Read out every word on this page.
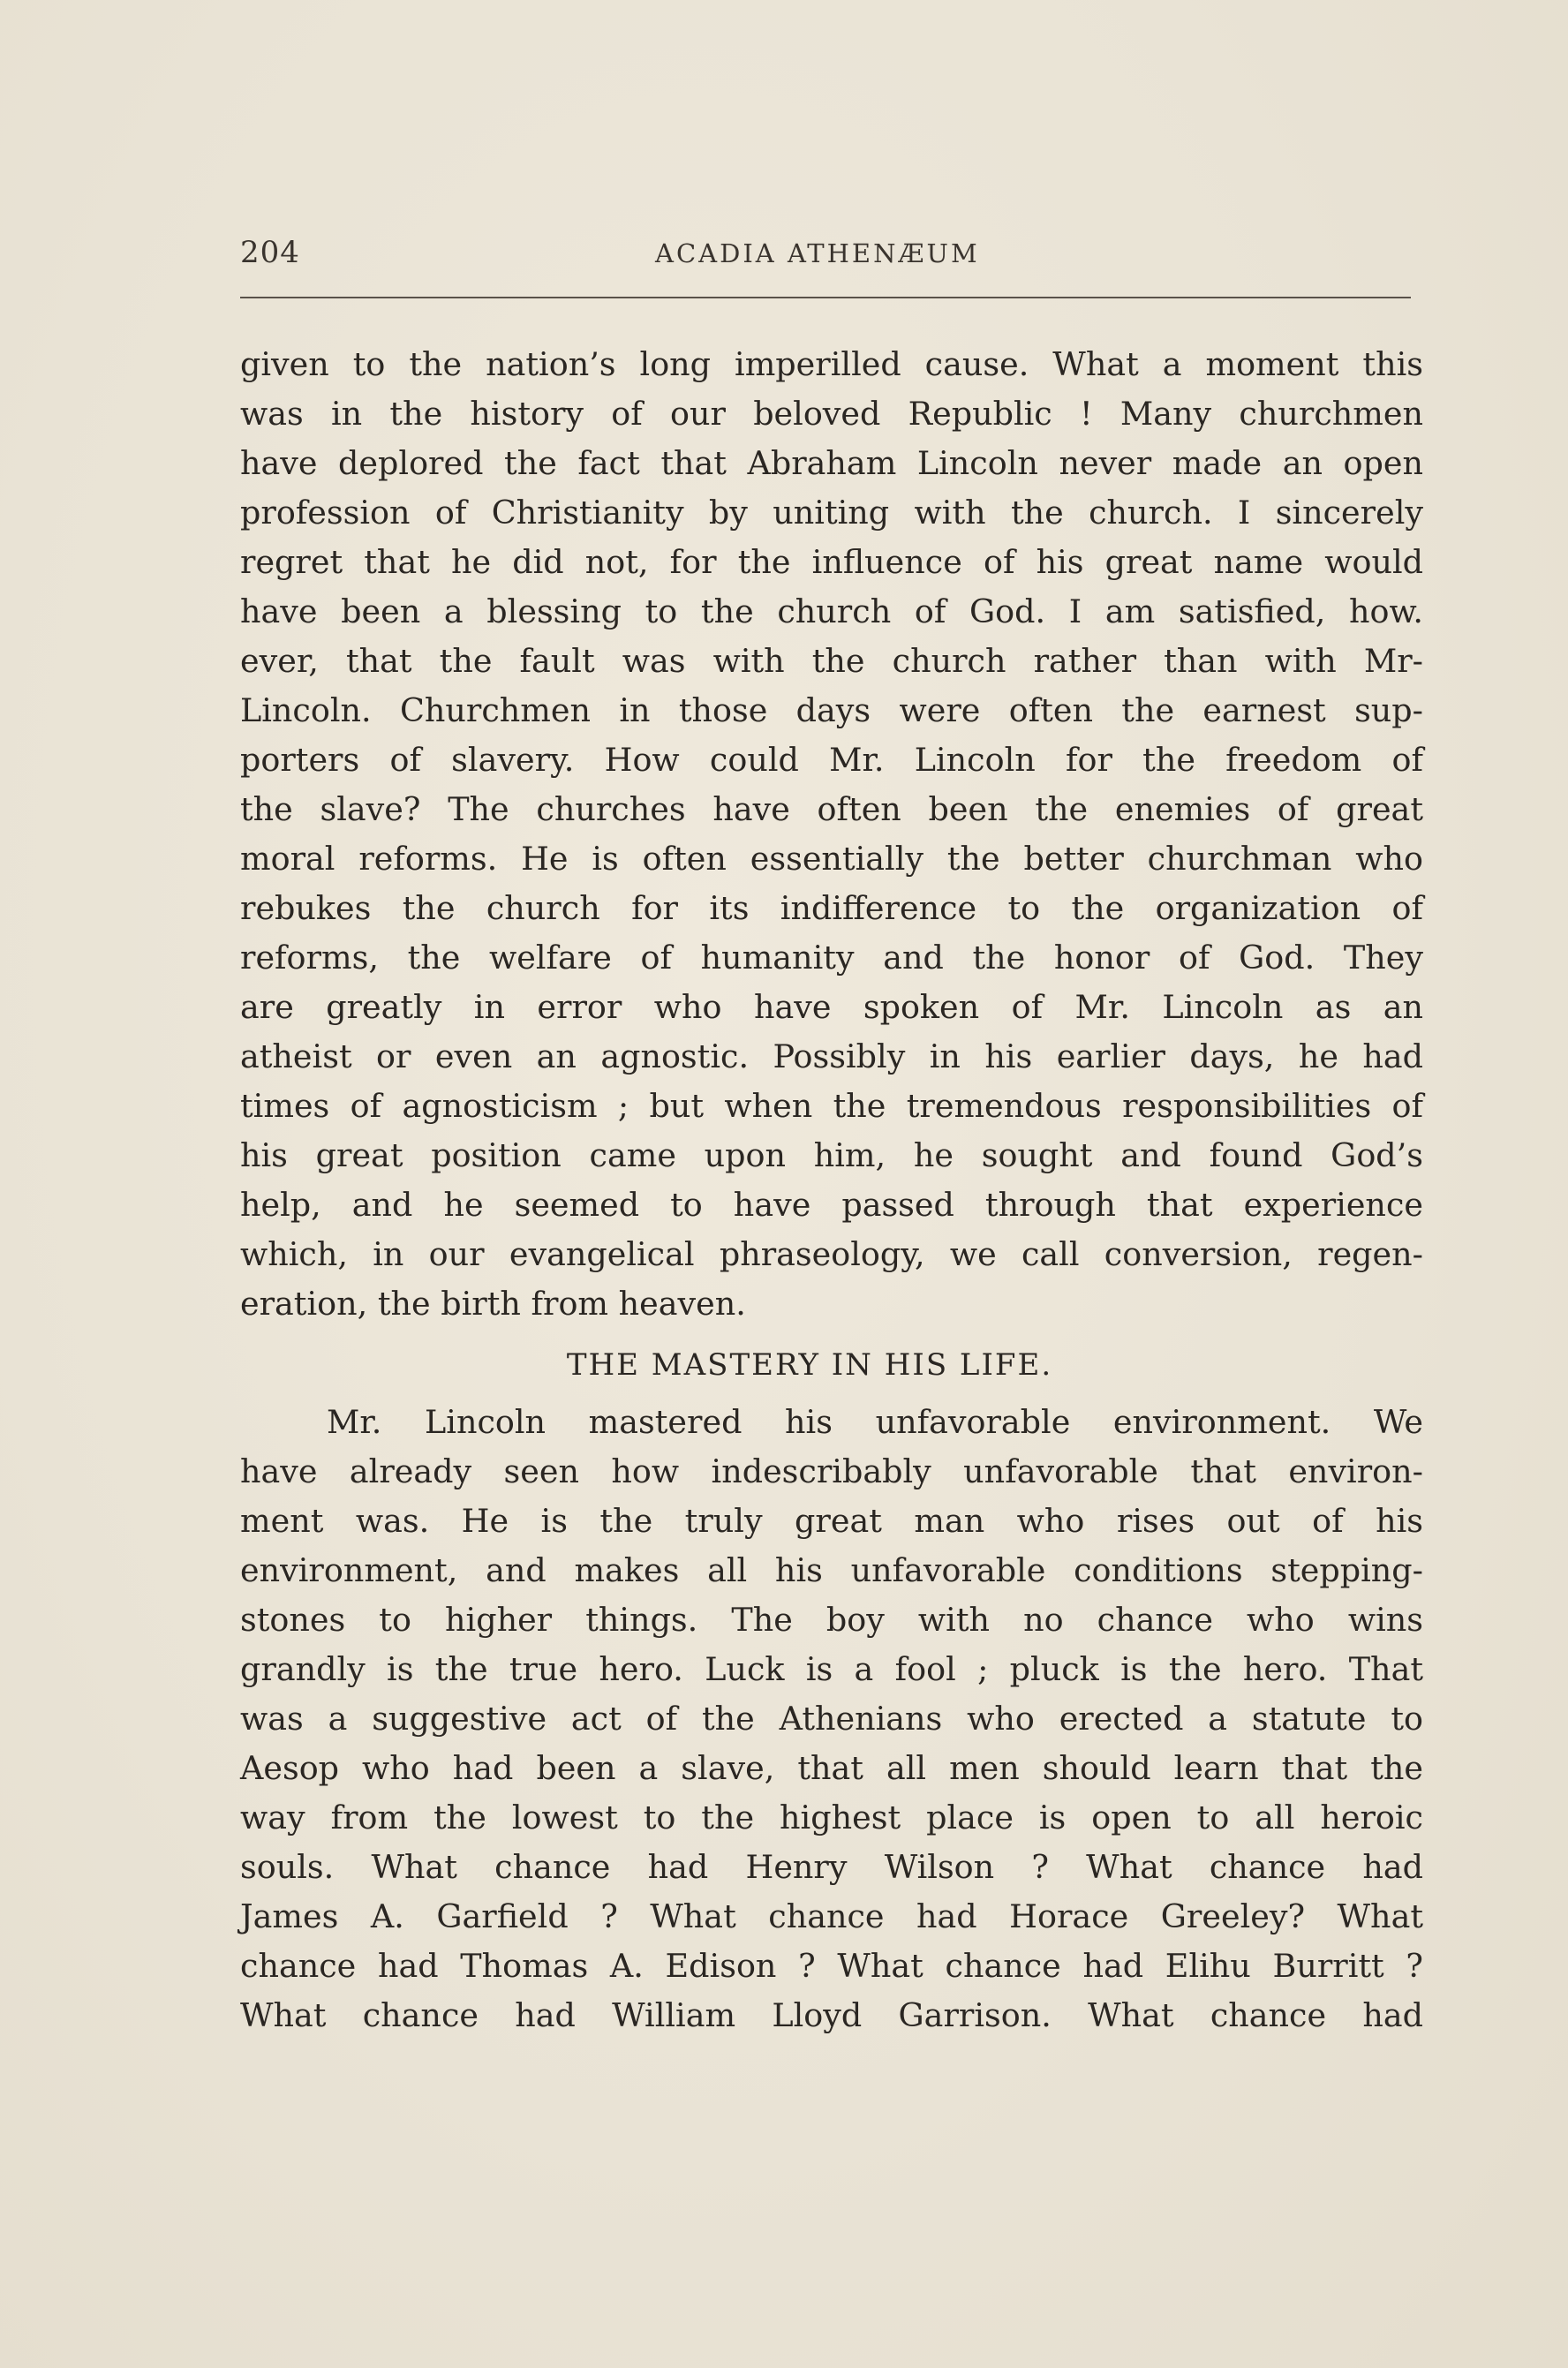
204	ACADIA ATHENÆUM
given to the nation’s long imperilled cause. What a moment this
was in the history of our beloved Republic ! Many churchmen
have deplored the fact that Abraham Lincoln never made an open
profession of Christianity by uniting with the church. I sincerely
regret that he did not, for the influence of his great name would
have been a blessing to the church of God. I am satisfied, how.
ever, that the fault was with the church rather than with Mr-
Lincoln. Churchmen in those days were often the earnest sup-
porters of slavery. How could Mr. Lincoln for the freedom of
the slave? The churches have often been the enemies of great
moral reforms. He is often essentially the better churchman who
rebukes the church for its indifference to the organization of
reforms, the welfare of humanity and the honor of God. They
are greatly in error who have spoken of Mr. Lincoln as an
atheist or even an agnostic. Possibly in his earlier days, he had
times of agnosticism ; but when the tremendous responsibilities of
his great position came upon him, he sought and found God’s
help, and he seemed to have passed through that experience
which, in our evangelical phraseology, we call conversion, regen-
eration, the birth from heaven.
THE MASTERY IN HIS LIFE.
Mr. Lincoln mastered his unfavorable environment. We
have already seen how indescribably unfavorable that environ-
ment was. He is the truly great man who rises out of his
environment, and makes all his unfavorable conditions stepping-
stones to higher things. The boy with no chance who wins
grandly is the true hero. Luck is a fool ; pluck is the hero. That
was a suggestive act of the Athenians who erected a statute to
Aesop who had been a slave, that all men should learn that the
way from the lowest to the highest place is open to all heroic
souls. What chance had Henry Wilson ? What chance had
James A. Garfield ? What chance had Horace Greeley? What
chance had Thomas A. Edison ? What chance had Elihu Burritt ?
What chance had William Lloyd Garrison. What chance had
